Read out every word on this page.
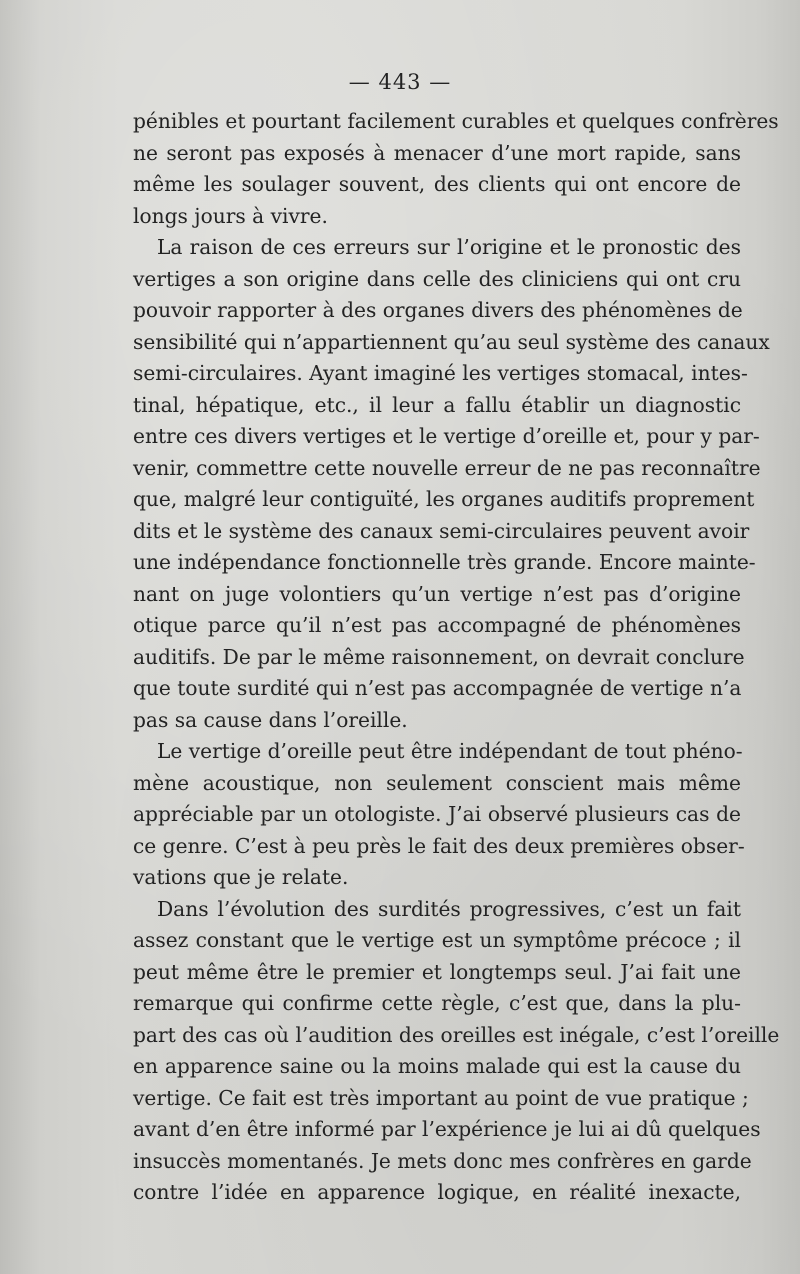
— 443 —
pénibles et pourtant facilement curables et quelques confrères
ne seront pas exposés à menacer d’une mort rapide, sans
même les soulager souvent, des clients qui ont encore de
longs jours à vivre.
La raison de ces erreurs sur l’origine et le pronostic des
vertiges a son origine dans celle des cliniciens qui ont cru
pouvoir rapporter à des organes divers des phénomènes de
sensibilité qui n’appartiennent qu’au seul système des canaux
semi-circulaires. Ayant imaginé les vertiges stomacal, intes-
tinal, hépatique, etc., il leur a fallu établir un diagnostic
entre ces divers vertiges et le vertige d’oreille et, pour y par-
venir, commettre cette nouvelle erreur de ne pas reconnaître
que, malgré leur contiguïté, les organes auditifs proprement
dits et le système des canaux semi-circulaires peuvent avoir
une indépendance fonctionnelle très grande. Encore mainte-
nant on juge volontiers qu’un vertige n’est pas d’origine
otique parce qu’il n’est pas accompagné de phénomènes
auditifs. De par le même raisonnement, on devrait conclure
que toute surdité qui n’est pas accompagnée de vertige n’a
pas sa cause dans l’oreille.
Le vertige d’oreille peut être indépendant de tout phéno-
mène acoustique, non seulement conscient mais même
appréciable par un otologiste. J’ai observé plusieurs cas de
ce genre. C’est à peu près le fait des deux premières obser-
vations que je relate.
Dans l’évolution des surdités progressives, c’est un fait
assez constant que le vertige est un symptôme précoce ; il
peut même être le premier et longtemps seul. J’ai fait une
remarque qui confirme cette règle, c’est que, dans la plu-
part des cas où l’audition des oreilles est inégale, c’est l’oreille
en apparence saine ou la moins malade qui est la cause du
vertige. Ce fait est très important au point de vue pratique ;
avant d’en être informé par l’expérience je lui ai dû quelques
insuccès momentanés. Je mets donc mes confrères en garde
contre l’idée en apparence logique, en réalité inexacte,
